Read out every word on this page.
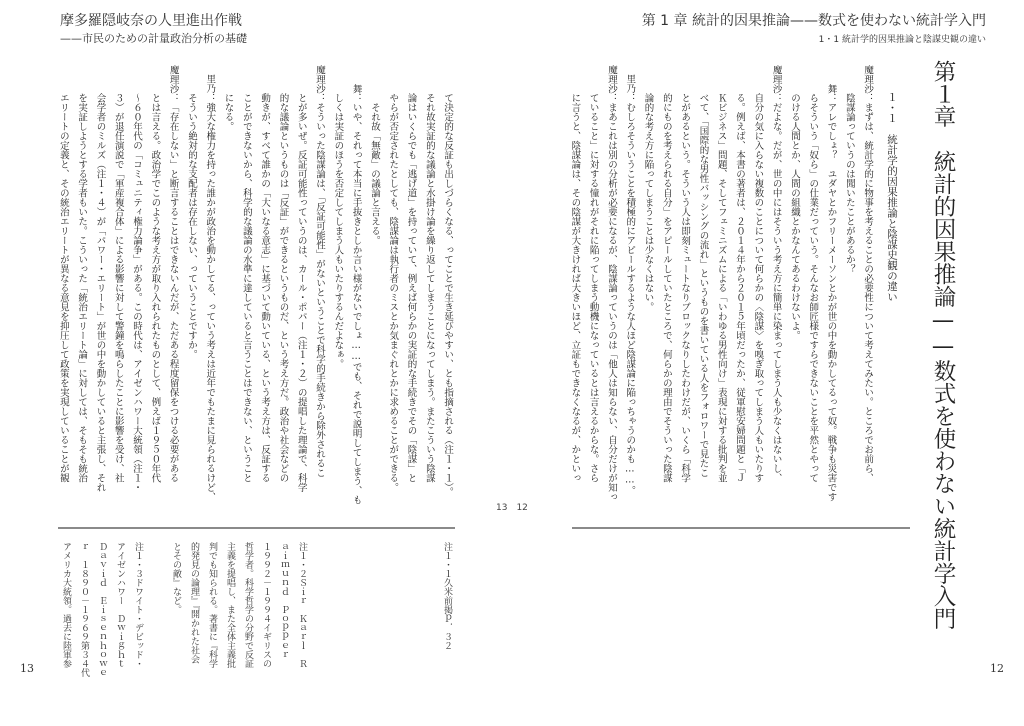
摩多羅隠岐奈の人里進出作戦
——市民のための計量政治分析の基礎
第 1 章 統計的因果推論——数式を使わない統計学入門
1・1 統計学的因果推論と陰謀史観の違い
第１章　統計的因果推論——数式を使わない統計学入門
１・１　統計学的因果推論と陰謀史観の違い
魔理沙
：まずは、統計学的に物事を考えることの必要性について考えてみたい。ところでお前ら、
陰謀論っていうのは聞いたことがあるか？
舞
：アレでしょ？　ユダヤとかフリーメーソンとかが世の中を動かしてるって奴。戦争も災害です
らそういう「奴ら」の仕業だっていう。そんなお師匠様ですらできないことを平然とやって
のける人間とか、人間の組織とかなんてあるわけないよ。
魔理沙
：だよな。だが、世の中にはそういう考え方に簡単に染まってしまう人も少なくはないし、
自分の気に入らない複数のことについて何らかの〈陰謀〉を嗅ぎ取ってしまう人もいたりす
る。例えば、本書の著者は、２０１４年から２０１５年頃だったか、従軍慰安婦問題と「Ｊ
Ｋビジネス」問題、そしてフェミニズムによる「いわゆる男性向け」表現に対する批判を並
べて、「国際的な男性バッシングの流れ」というものを書いている人をフォロワーで見たこ
とがあるという。そういう人は即刻ミュートなりブロックなりしたわけだが、いくら「科学
的にものを考えられる自分」をアピールしていたところで、何らかの理由でそういった陰謀
論的な考え方に陥ってしまうことは少なくはない。
里乃
：むしろそういうことを積極的にアピールするような人ほど陰謀論に陥っちゃうのかも……。
魔理沙
：まあこれは別の分析が必要になるが、陰謀論っていうのは「他人は知らない、自分だけが知っ
ていること」に対する憧れがそれに陥ってしまう動機になっているとは言えるからな。さら
に言うと、陰謀論は、その陰謀が大きければ大きいほど、立証もできなくなるが、かといっ
て決定的な反証も出しづらくなる、ってことで生き延びやすい、とも指摘される（注１・１）。
それ故実証的な議論と水掛け論を繰り返してしまうことになってしまう。またこういう陰謀
論はいくらでも「逃げ道」を持っていて、例えば何らかの実証的な手続きでその「陰謀」と
やらが否定されたとしても、陰謀論は執行者のミスとか気まぐれとかに求めることができる。
　それ故「無敵」の議論と言える。
舞
：いや、それって本当に手抜きとしか言い様がないでしょ……でも、それで説明してしまう、も
しくは実証のほうを否定してしまう人もいたりするんだよなぁ。
魔理沙
：そういった陰謀論は、「反証可能性」がないということで科学的手続きから除外されるこ
とが多いぜ。反証可能性っていうのは、カール・ポパー（注１・２）の提唱した理論で、科学
的な議論というものは「反証」ができるというものだ、という考え方だ。政治や社会などの
動きが、すべて誰かの「大いなる意志」に基づいて動いている、という考え方は、反証する
ことができないから、科学的な議論の水準に達していると言うことはできない、ということ
になる。
里乃
：強大な権力を持った誰かが政治を動かしてる、っていう考えは近年でもたまに見られるけど、
そういう絶対的な支配者は存在しない、っていうことですか。
魔理沙
：「存在しない」と断言することはできないんだが、ただある程度留保をつける必要がある
とは言える。政治学でこのような考え方が取り入れられたものとして、例えば１９５０年代
～６０年代の「コミュニティ権力論争」がある。この時代は、アイゼンハワー大統領（注１・
３）が退任演説で「軍産複合体」による影響に対して警鐘を鳴らしたことに影響を受け、社
会学者のミルズ（注１・４）が「パワー・エリート」が世の中を動かしていると主張し、それ
を実証しようとする学者もいた。こういった「統治エリート論」に対しては、そもそも統治
エリートの定義と、その統治エリートが異なる意見を抑圧して政策を実現していることが観
注１・１久米前掲ｐ．３２
注１・２Ｓｉｒ　Ｋａｒｌ　Ｒ
ａｉｍｕｎｄ　Ｐｏｐｐｅｒ
１９９２－１９９４イギリスの
哲学者。科学哲学の分野で反証
主義を提唱し、また全体主義批
判でも知られる。著書に『科学
的発見の論理』『開かれた社会
とその敵』など。
注１・３ドワイト・デビッド・
アイゼンハワー　Ｄｗｉｇｈｔ
Ｄａｖｉｄ　Ｅｉｓｅｎｈｏｗｅ
ｒ　１８９０－１９６９第３４代
アメリカ大統領。過去に陸軍参
13　12
13	12
